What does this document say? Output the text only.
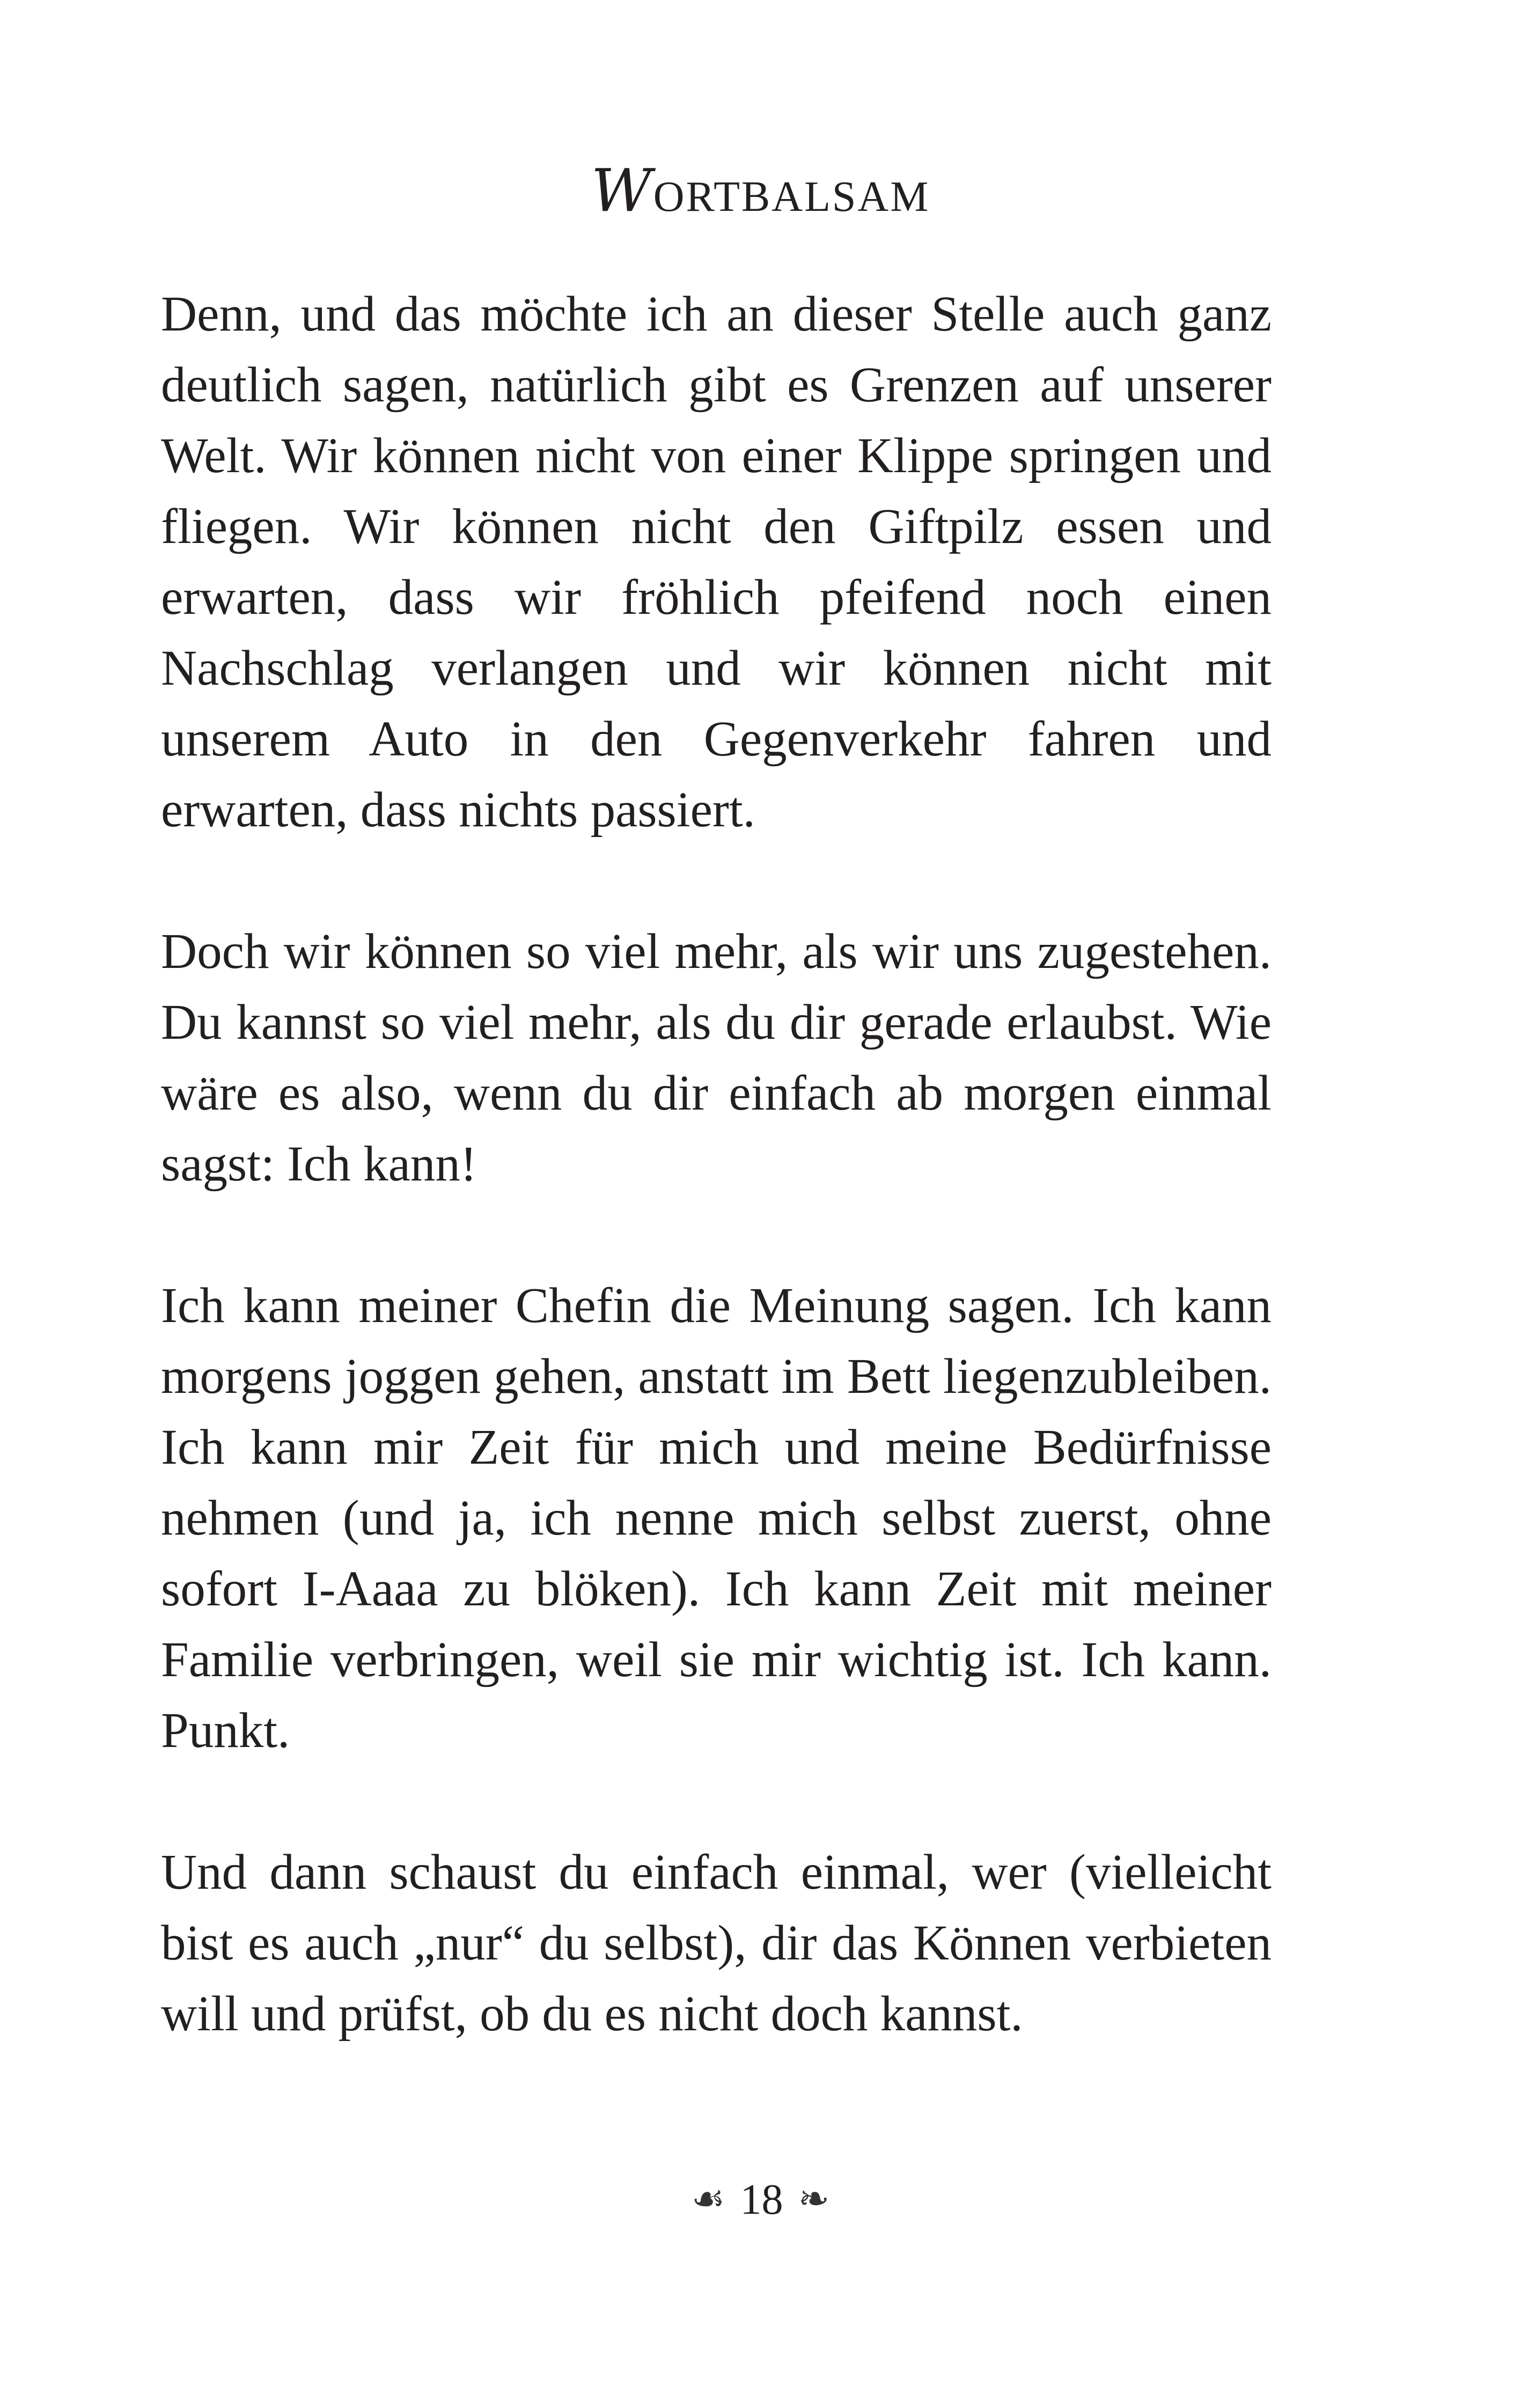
WORTBALSAM

Denn, und das möchte ich an dieser Stelle auch ganz deutlich sagen, natürlich gibt es Grenzen auf unserer Welt. Wir können nicht von einer Klippe springen und fliegen. Wir können nicht den Giftpilz essen und erwarten, dass wir fröhlich pfeifend noch einen Nachschlag verlangen und wir können nicht mit unserem Auto in den Gegenverkehr fahren und erwarten, dass nichts passiert.

Doch wir können so viel mehr, als wir uns zugestehen. Du kannst so viel mehr, als du dir gerade erlaubst. Wie wäre es also, wenn du dir einfach ab morgen einmal sagst: Ich kann!

Ich kann meiner Chefin die Meinung sagen. Ich kann morgens joggen gehen, anstatt im Bett liegenzubleiben. Ich kann mir Zeit für mich und meine Bedürfnisse nehmen (und ja, ich nenne mich selbst zuerst, ohne sofort I-Aaaa zu blöken). Ich kann Zeit mit meiner Familie verbringen, weil sie mir wichtig ist. Ich kann. Punkt.

Und dann schaust du einfach einmal, wer (vielleicht bist es auch „nur“ du selbst), dir das Können verbieten will und prüfst, ob du es nicht doch kannst.

☙ 18 ❧
